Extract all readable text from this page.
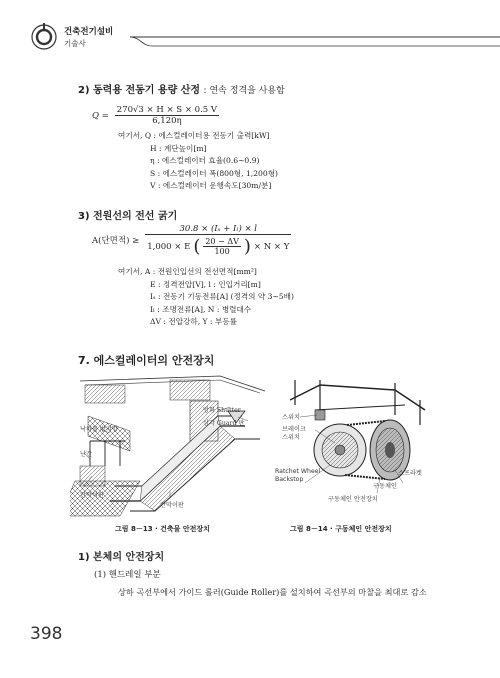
건축전기설비
기술사
2) 동력용 전동기 용량 산정 : 연속 정격을 사용함
$Q = \frac{270√3 \times H \times S \times 0.5 V}{6,120\eta}$
여기서, Q : 에스컬레이터용 전동기 출력[kW]
H : 계단높이[m]
η : 에스컬레이터 효율(0.6∼0.9)
S : 에스컬레이터 폭(800형, 1,200형)
V : 에스컬레이터 운행속도[30m/분]
3) 전원선의 전선 굵기
A(단면적) ≥ $\frac{\text{30.8 × (Iₛ + Iₗ) × l}}{1,000 \times E ( \frac{20 - \Delta V}{100} ) \times N \times Y}$
여기서, A : 전원인입선의 전선면적[mm²]
E : 정격전압[V], l : 인입거리[m]
Iₛ : 전동기 기동전류[A] (정격의 약 3∼5배)
Iₗ : 조명전류[A], N : 병렬대수
ΔV : 전압강하, Y : 부등률
7. 에스컬레이터의 안전장치
방화 Shutter
삼각 Guard 판
낙하물 방지망
난간
칸막이판
칸막이판
스위치
브레이크
스위치
Ratchet Wheel
Backstop
스프라켓
구동체인
구동체인 안전장치
그림 8－13 · 건축물 안전장치	그림 8－14 · 구동체인 안전장치
1) 본체의 안전장치
(1) 핸드레일 부분
상하 곡선부에서 가이드 롤러(Guide Roller)를 설치하여 곡선부의 마찰을 최대로 감소
398
